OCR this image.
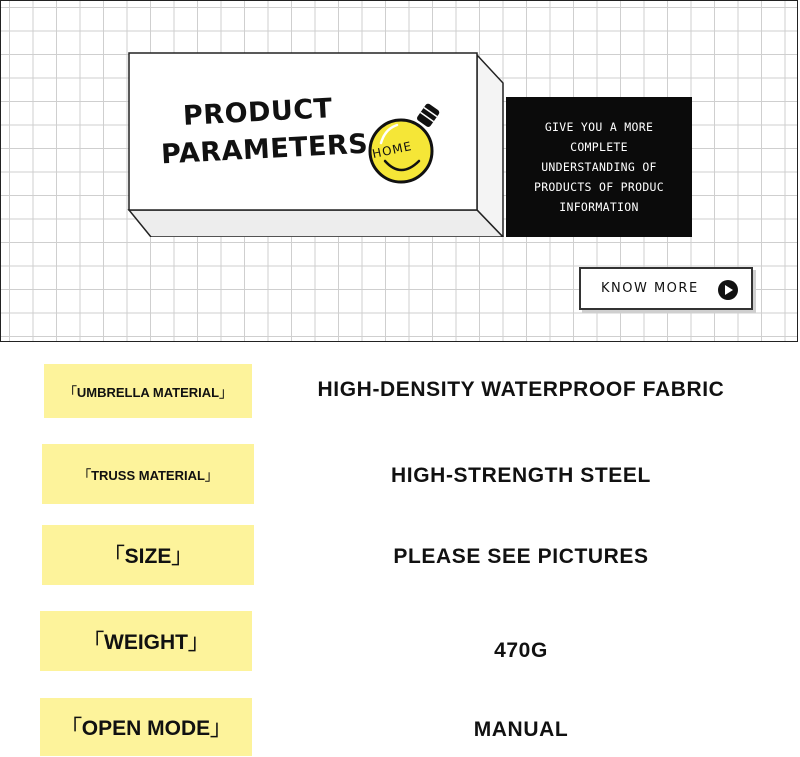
PRODUCT
PARAMETERS HOME

GIVE YOU A MORE
COMPLETE
UNDERSTANDING OF
PRODUCTS OF PRODUC
INFORMATION

KNOW MORE
「UMBRELLA MATERIAL」	HIGH-DENSITY WATERPROOF FABRIC
「TRUSS MATERIAL」	HIGH-STRENGTH STEEL
「SIZE」	PLEASE SEE PICTURES
「WEIGHT」	470G
「OPEN MODE」	MANUAL
